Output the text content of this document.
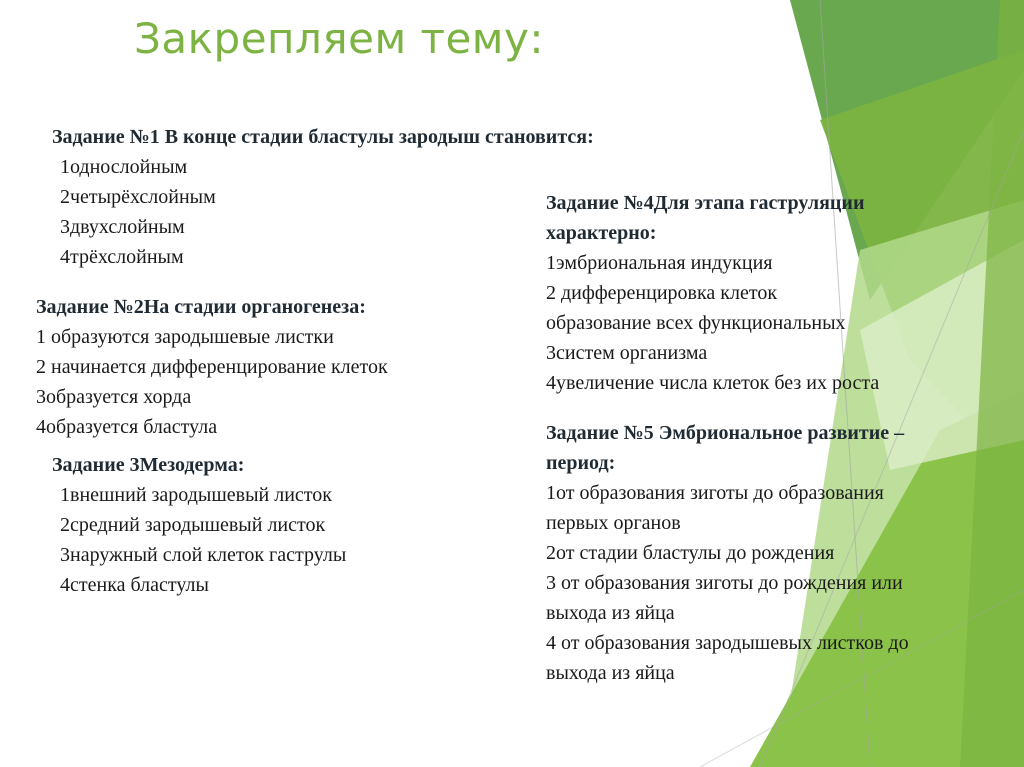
Закрепляем тему:
Задание №1 В конце стадии бластулы зародыш становится:
1однослойным
2четырёхслойным
3двухслойным
4трёхслойным
Задание №2На стадии органогенеза:
1 образуются зародышевые листки
2 начинается дифференцирование клеток
3образуется хорда
4образуется бластула
Задание 3Мезодерма:
1внешний зародышевый листок
2средний зародышевый листок
3наружный слой клеток гаструлы
4стенка бластулы
Задание №4Для этапа гаструляции
характерно:
1эмбриональная индукция
2 дифференцировка клеток
образование всех функциональных
3систем организма
4увеличение числа клеток без их роста
Задание №5 Эмбриональное развитие –
период:
1от образования зиготы до образования
первых органов
2от стадии бластулы до рождения
3 от образования зиготы до рождения или
выхода из яйца
4 от образования зародышевых листков до
выхода из яйца
